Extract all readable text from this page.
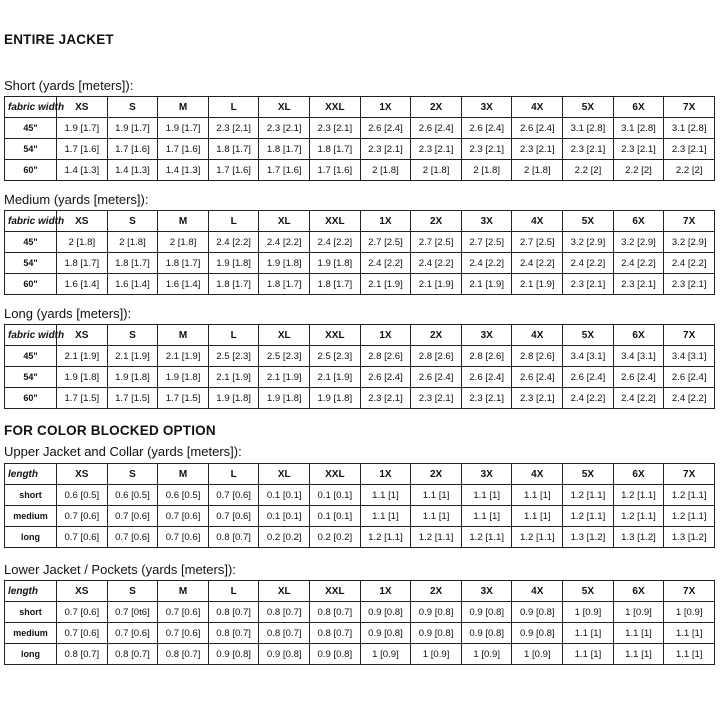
ENTIRE JACKET
FOR COLOR BLOCKED OPTION
Short (yards [meters]):
fabric width	XS	S	M	L	XL	XXL	1X	2X	3X	4X	5X	6X	7X
45"	1.9 [1.7]	1.9 [1.7]	1.9 [1.7]	2.3 [2.1]	2.3 [2.1]	2.3 [2.1]	2.6 [2.4]	2.6 [2.4]	2.6 [2.4]	2.6 [2.4]	3.1 [2.8]	3.1 [2.8]	3.1 [2.8]
54"	1.7 [1.6]	1.7 [1.6]	1.7 [1.6]	1.8 [1.7]	1.8 [1.7]	1.8 [1.7]	2.3 [2.1]	2.3 [2.1]	2.3 [2.1]	2.3 [2.1]	2.3 [2.1]	2.3 [2.1]	2.3 [2.1]
60"	1.4 [1.3]	1.4 [1.3]	1.4 [1.3]	1.7 [1.6]	1.7 [1.6]	1.7 [1.6]	2 [1.8]	2 [1.8]	2 [1.8]	2 [1.8]	2.2 [2]	2.2 [2]	2.2 [2]
Medium (yards [meters]):
fabric width	XS	S	M	L	XL	XXL	1X	2X	3X	4X	5X	6X	7X
45"	2 [1.8]	2 [1.8]	2 [1.8]	2.4 [2.2]	2.4 [2.2]	2.4 [2.2]	2.7 [2.5]	2.7 [2.5]	2.7 [2.5]	2.7 [2.5]	3.2 [2.9]	3.2 [2.9]	3.2 [2.9]
54"	1.8 [1.7]	1.8 [1.7]	1.8 [1.7]	1.9 [1.8]	1.9 [1.8]	1.9 [1.8]	2.4 [2.2]	2.4 [2.2]	2.4 [2.2]	2.4 [2.2]	2.4 [2.2]	2.4 [2.2]	2.4 [2.2]
60"	1.6 [1.4]	1.6 [1.4]	1.6 [1.4]	1.8 [1.7]	1.8 [1.7]	1.8 [1.7]	2.1 [1.9]	2.1 [1.9]	2.1 [1.9]	2.1 [1.9]	2.3 [2.1]	2.3 [2.1]	2.3 [2.1]
Long (yards [meters]):
fabric width	XS	S	M	L	XL	XXL	1X	2X	3X	4X	5X	6X	7X
45"	2.1 [1.9]	2.1 [1.9]	2.1 [1.9]	2.5 [2.3]	2.5 [2.3]	2.5 [2.3]	2.8 [2.6]	2.8 [2.6]	2.8 [2.6]	2.8 [2.6]	3.4 [3.1]	3.4 [3.1]	3.4 [3.1]
54"	1.9 [1.8]	1.9 [1.8]	1.9 [1.8]	2.1 [1.9]	2.1 [1.9]	2.1 [1.9]	2.6 [2.4]	2.6 [2.4]	2.6 [2.4]	2.6 [2.4]	2.6 [2.4]	2.6 [2.4]	2.6 [2.4]
60"	1.7 [1.5]	1.7 [1.5]	1.7 [1.5]	1.9 [1.8]	1.9 [1.8]	1.9 [1.8]	2.3 [2.1]	2.3 [2.1]	2.3 [2.1]	2.3 [2.1]	2.4 [2.2]	2.4 [2.2]	2.4 [2.2]
Upper Jacket and Collar (yards [meters]):
length	XS	S	M	L	XL	XXL	1X	2X	3X	4X	5X	6X	7X
short	0.6 [0.5]	0.6 [0.5]	0.6 [0.5]	0.7 [0.6]	0.1 [0.1]	0.1 [0.1]	1.1 [1]	1.1 [1]	1.1 [1]	1.1 [1]	1.2 [1.1]	1.2 [1.1]	1.2 [1.1]
medium	0.7 [0.6]	0.7 [0.6]	0.7 [0.6]	0.7 [0.6]	0.1 [0.1]	0.1 [0.1]	1.1 [1]	1.1 [1]	1.1 [1]	1.1 [1]	1.2 [1.1]	1.2 [1.1]	1.2 [1.1]
long	0.7 [0.6]	0.7 [0.6]	0.7 [0.6]	0.8 [0.7]	0.2 [0.2]	0.2 [0.2]	1.2 [1.1]	1.2 [1.1]	1.2 [1.1]	1.2 [1.1]	1.3 [1.2]	1.3 [1.2]	1.3 [1.2]
Lower Jacket / Pockets (yards [meters]):
length	XS	S	M	L	XL	XXL	1X	2X	3X	4X	5X	6X	7X
short	0.7 [0.6]	0.7 [0t6]	0.7 [0.6]	0.8 [0.7]	0.8 [0.7]	0.8 [0.7]	0.9 [0.8]	0.9 [0.8]	0.9 [0.8]	0.9 [0.8]	1 [0.9]	1 [0.9]	1 [0.9]
medium	0.7 [0.6]	0.7 [0.6]	0.7 [0.6]	0.8 [0.7]	0.8 [0.7]	0.8 [0.7]	0.9 [0.8]	0.9 [0.8]	0.9 [0.8]	0.9 [0.8]	1.1 [1]	1.1 [1]	1.1 [1]
long	0.8 [0.7]	0.8 [0.7]	0.8 [0.7]	0.9 [0.8]	0.9 [0.8]	0.9 [0.8]	1 [0.9]	1 [0.9]	1 [0.9]	1 [0.9]	1.1 [1]	1.1 [1]	1.1 [1]
